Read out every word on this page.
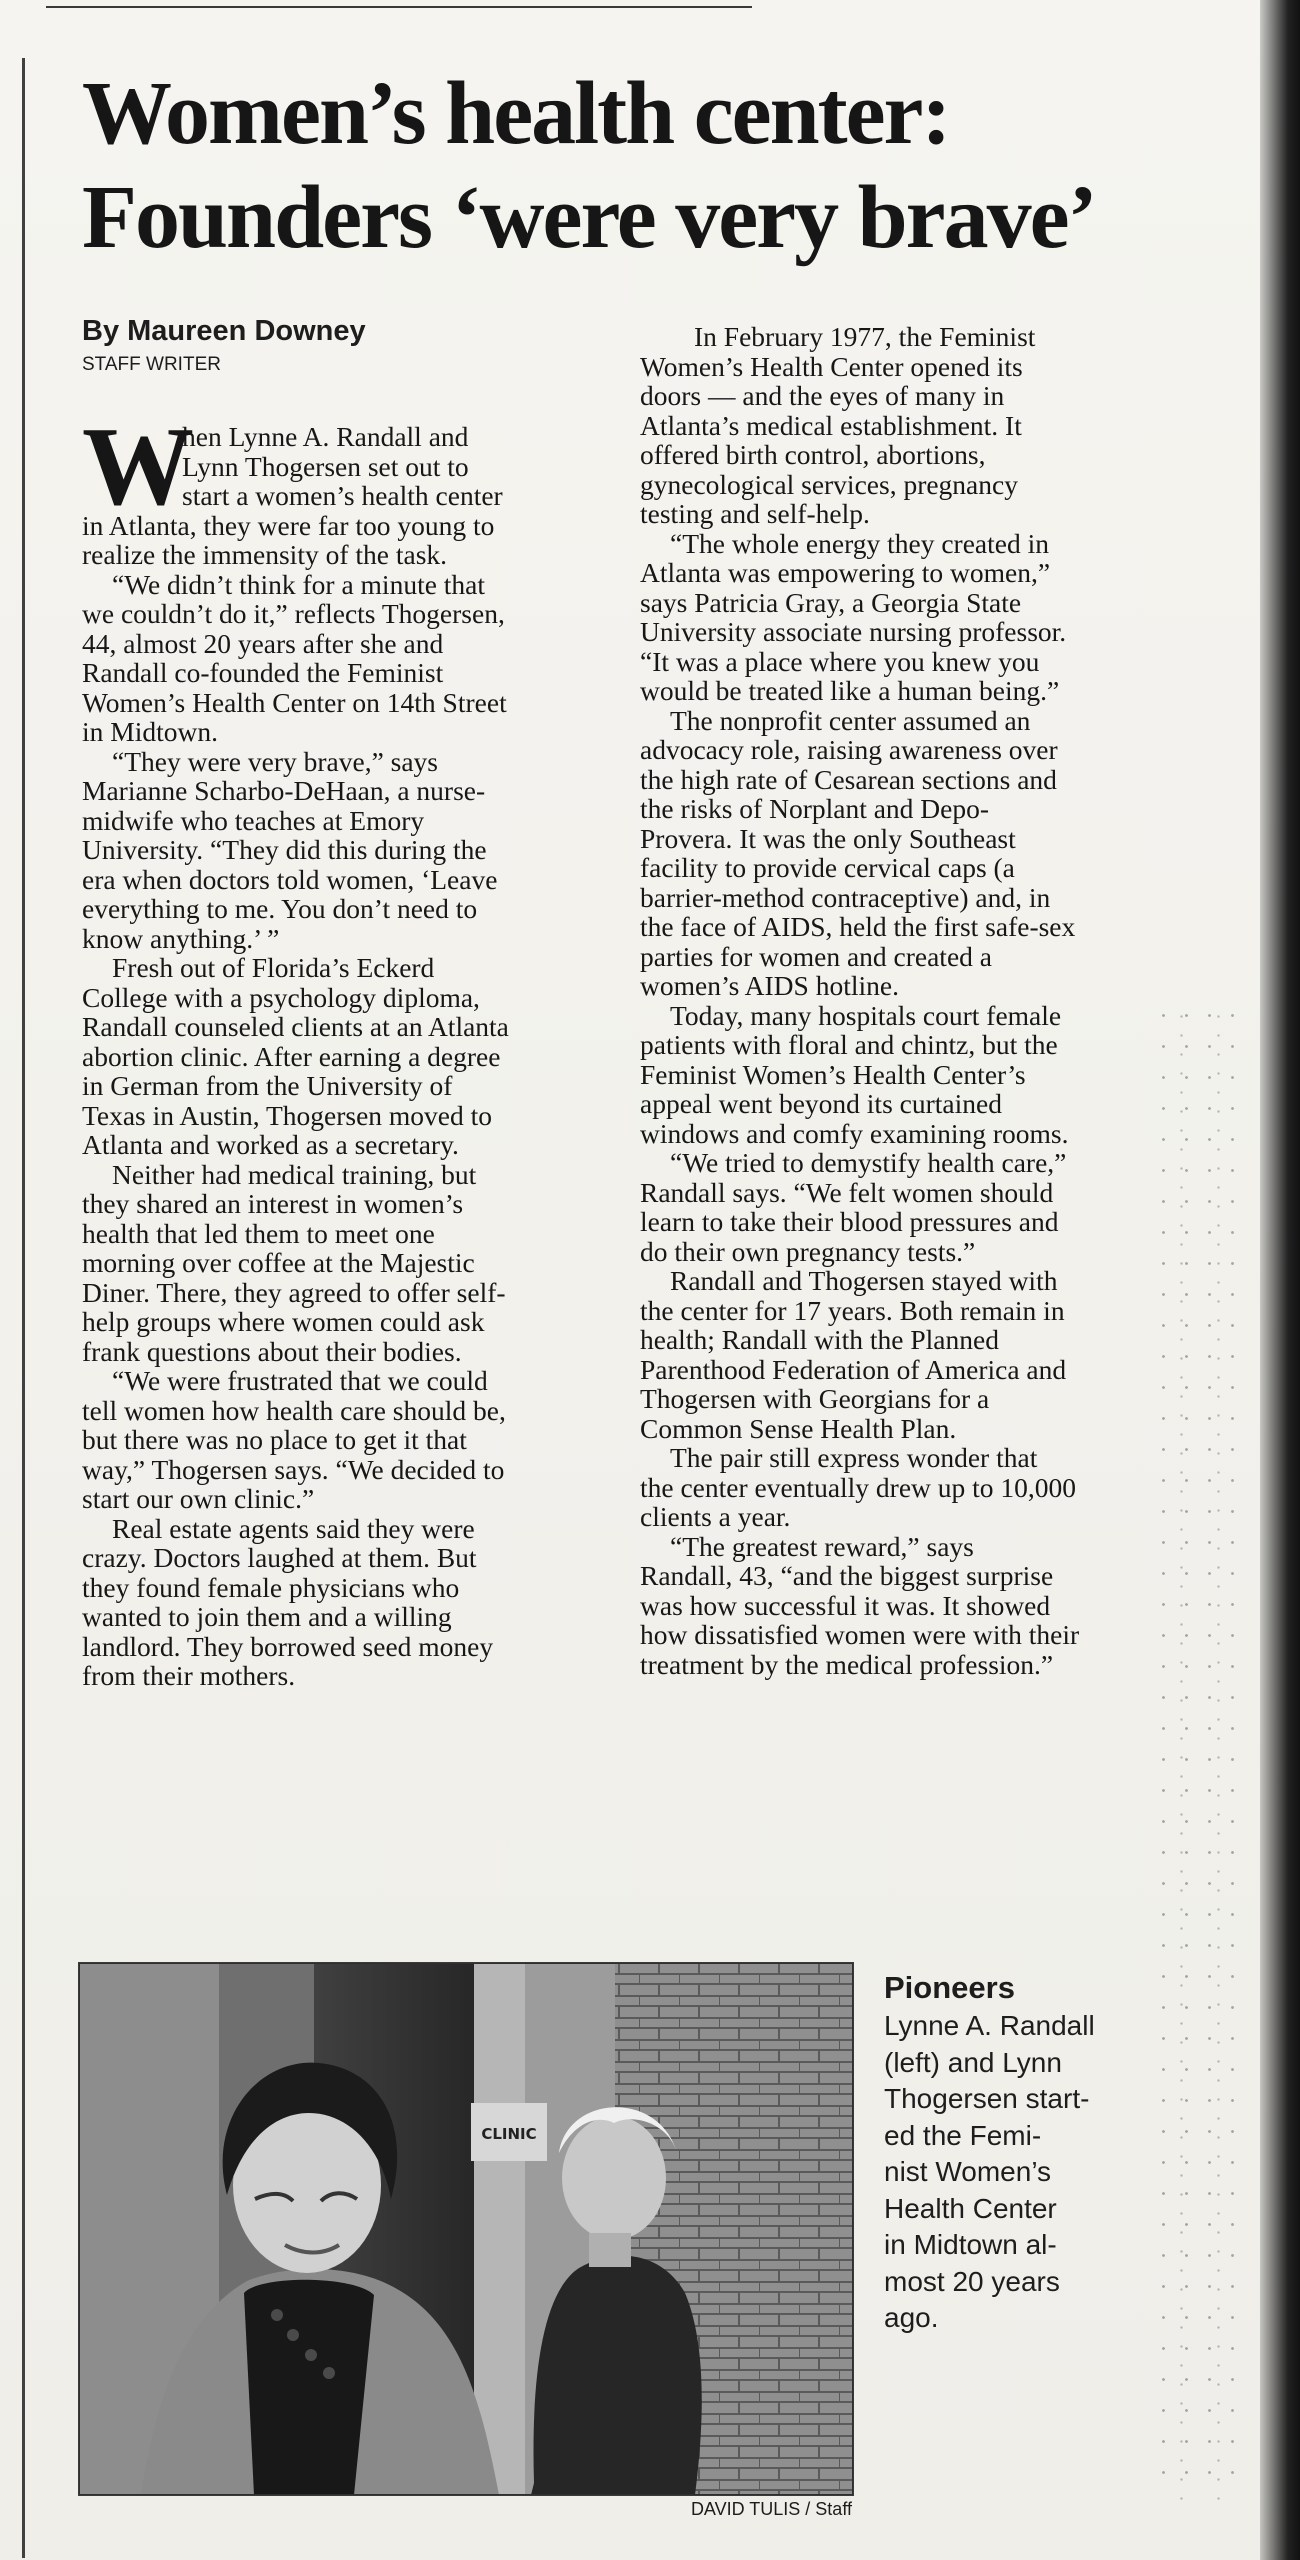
Women’s health center:
Founders ‘were very brave’
By Maureen Downey
STAFF WRITER
W
hen Lynne A. Randall and
Lynn Thogersen set out to
start a women’s health center
in Atlanta, they were far too young to
realize the immensity of the task.
“We didn’t think for a minute that
we couldn’t do it,” reflects Thogersen,
44, almost 20 years after she and
Randall co-founded the Feminist
Women’s Health Center on 14th Street
in Midtown.
“They were very brave,” says
Marianne Scharbo-DeHaan, a nurse-
midwife who teaches at Emory
University. “They did this during the
era when doctors told women, ‘Leave
everything to me. You don’t need to
know anything.’ ”
Fresh out of Florida’s Eckerd
College with a psychology diploma,
Randall counseled clients at an Atlanta
abortion clinic. After earning a degree
in German from the University of
Texas in Austin, Thogersen moved to
Atlanta and worked as a secretary.
Neither had medical training, but
they shared an interest in women’s
health that led them to meet one
morning over coffee at the Majestic
Diner. There, they agreed to offer self-
help groups where women could ask
frank questions about their bodies.
“We were frustrated that we could
tell women how health care should be,
but there was no place to get it that
way,” Thogersen says. “We decided to
start our own clinic.”
Real estate agents said they were
crazy. Doctors laughed at them. But
they found female physicians who
wanted to join them and a willing
landlord. They borrowed seed money
from their mothers.
In February 1977, the Feminist
Women’s Health Center opened its
doors — and the eyes of many in
Atlanta’s medical establishment. It
offered birth control, abortions,
gynecological services, pregnancy
testing and self-help.
“The whole energy they created in
Atlanta was empowering to women,”
says Patricia Gray, a Georgia State
University associate nursing professor.
“It was a place where you knew you
would be treated like a human being.”
The nonprofit center assumed an
advocacy role, raising awareness over
the high rate of Cesarean sections and
the risks of Norplant and Depo-
Provera. It was the only Southeast
facility to provide cervical caps (a
barrier-method contraceptive) and, in
the face of AIDS, held the first safe-sex
parties for women and created a
women’s AIDS hotline.
Today, many hospitals court female
patients with floral and chintz, but the
Feminist Women’s Health Center’s
appeal went beyond its curtained
windows and comfy examining rooms.
“We tried to demystify health care,”
Randall says. “We felt women should
learn to take their blood pressures and
do their own pregnancy tests.”
Randall and Thogersen stayed with
the center for 17 years. Both remain in
health; Randall with the Planned
Parenthood Federation of America and
Thogersen with Georgians for a
Common Sense Health Plan.
The pair still express wonder that
the center eventually drew up to 10,000
clients a year.
“The greatest reward,” says
Randall, 43, “and the biggest surprise
was how successful it was. It showed
how dissatisfied women were with their
treatment by the medical profession.”
CLINIC
DAVID TULIS / Staff
Pioneers
Lynne A. Randall
(left) and Lynn
Thogersen start-
ed the Femi-
nist Women’s
Health Center
in Midtown al-
most 20 years
ago.
